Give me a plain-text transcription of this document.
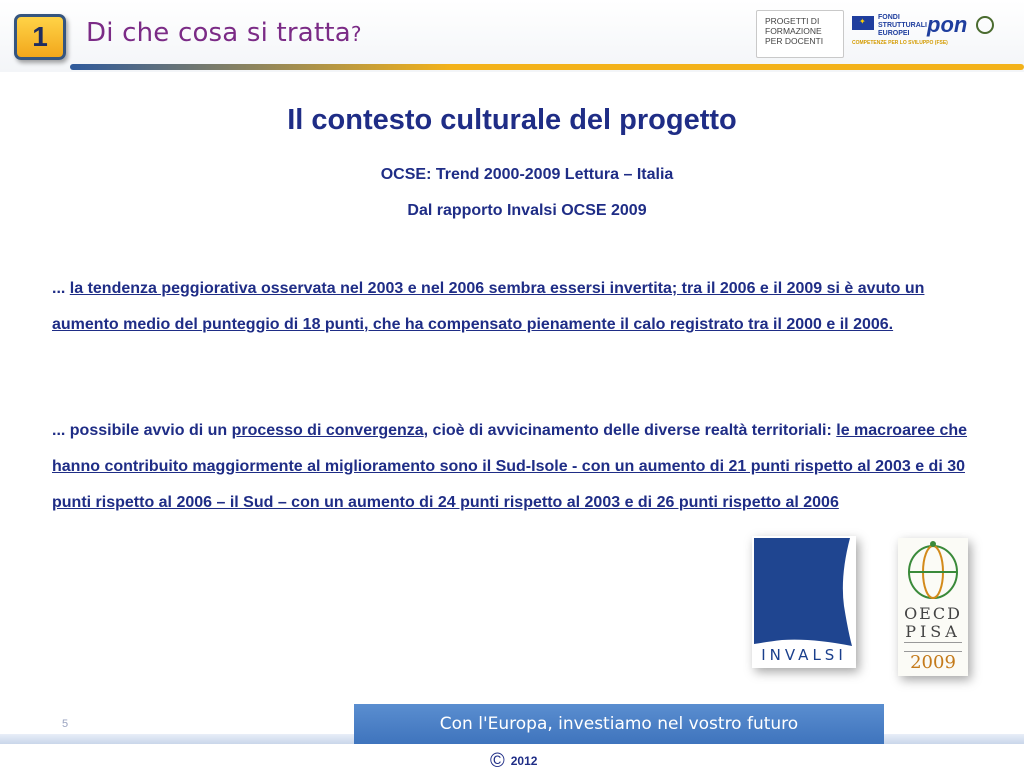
1	Di che cosa si tratta?
PROGETTI DI
FORMAZIONE
PER DOCENTI
✦
FONDI
STRUTTURALI
EUROPEI pon
COMPETENZE PER LO SVILUPPO (FSE)
Il contesto culturale del progetto
OCSE: Trend 2000-2009 Lettura – Italia
Dal rapporto Invalsi OCSE 2009
... la tendenza peggiorativa osservata nel 2003 e nel 2006 sembra essersi invertita; tra il 2006 e il 2009 si è avuto un aumento medio del punteggio di 18 punti, che ha compensato pienamente il calo registrato tra il 2000 e il 2006.
... possibile avvio di un processo di convergenza, cioè di avvicinamento delle diverse realtà territoriali: le macroaree che hanno contribuito maggiormente al miglioramento sono il Sud-Isole - con un aumento di 21 punti rispetto al 2003 e di 30 punti rispetto al 2006 – il Sud – con un aumento di 24 punti rispetto al 2003 e di 26 punti rispetto al 2006
INVALSI
OECD
PISA
2009
5	Con l'Europa, investiamo nel vostro futuro
© 2012
